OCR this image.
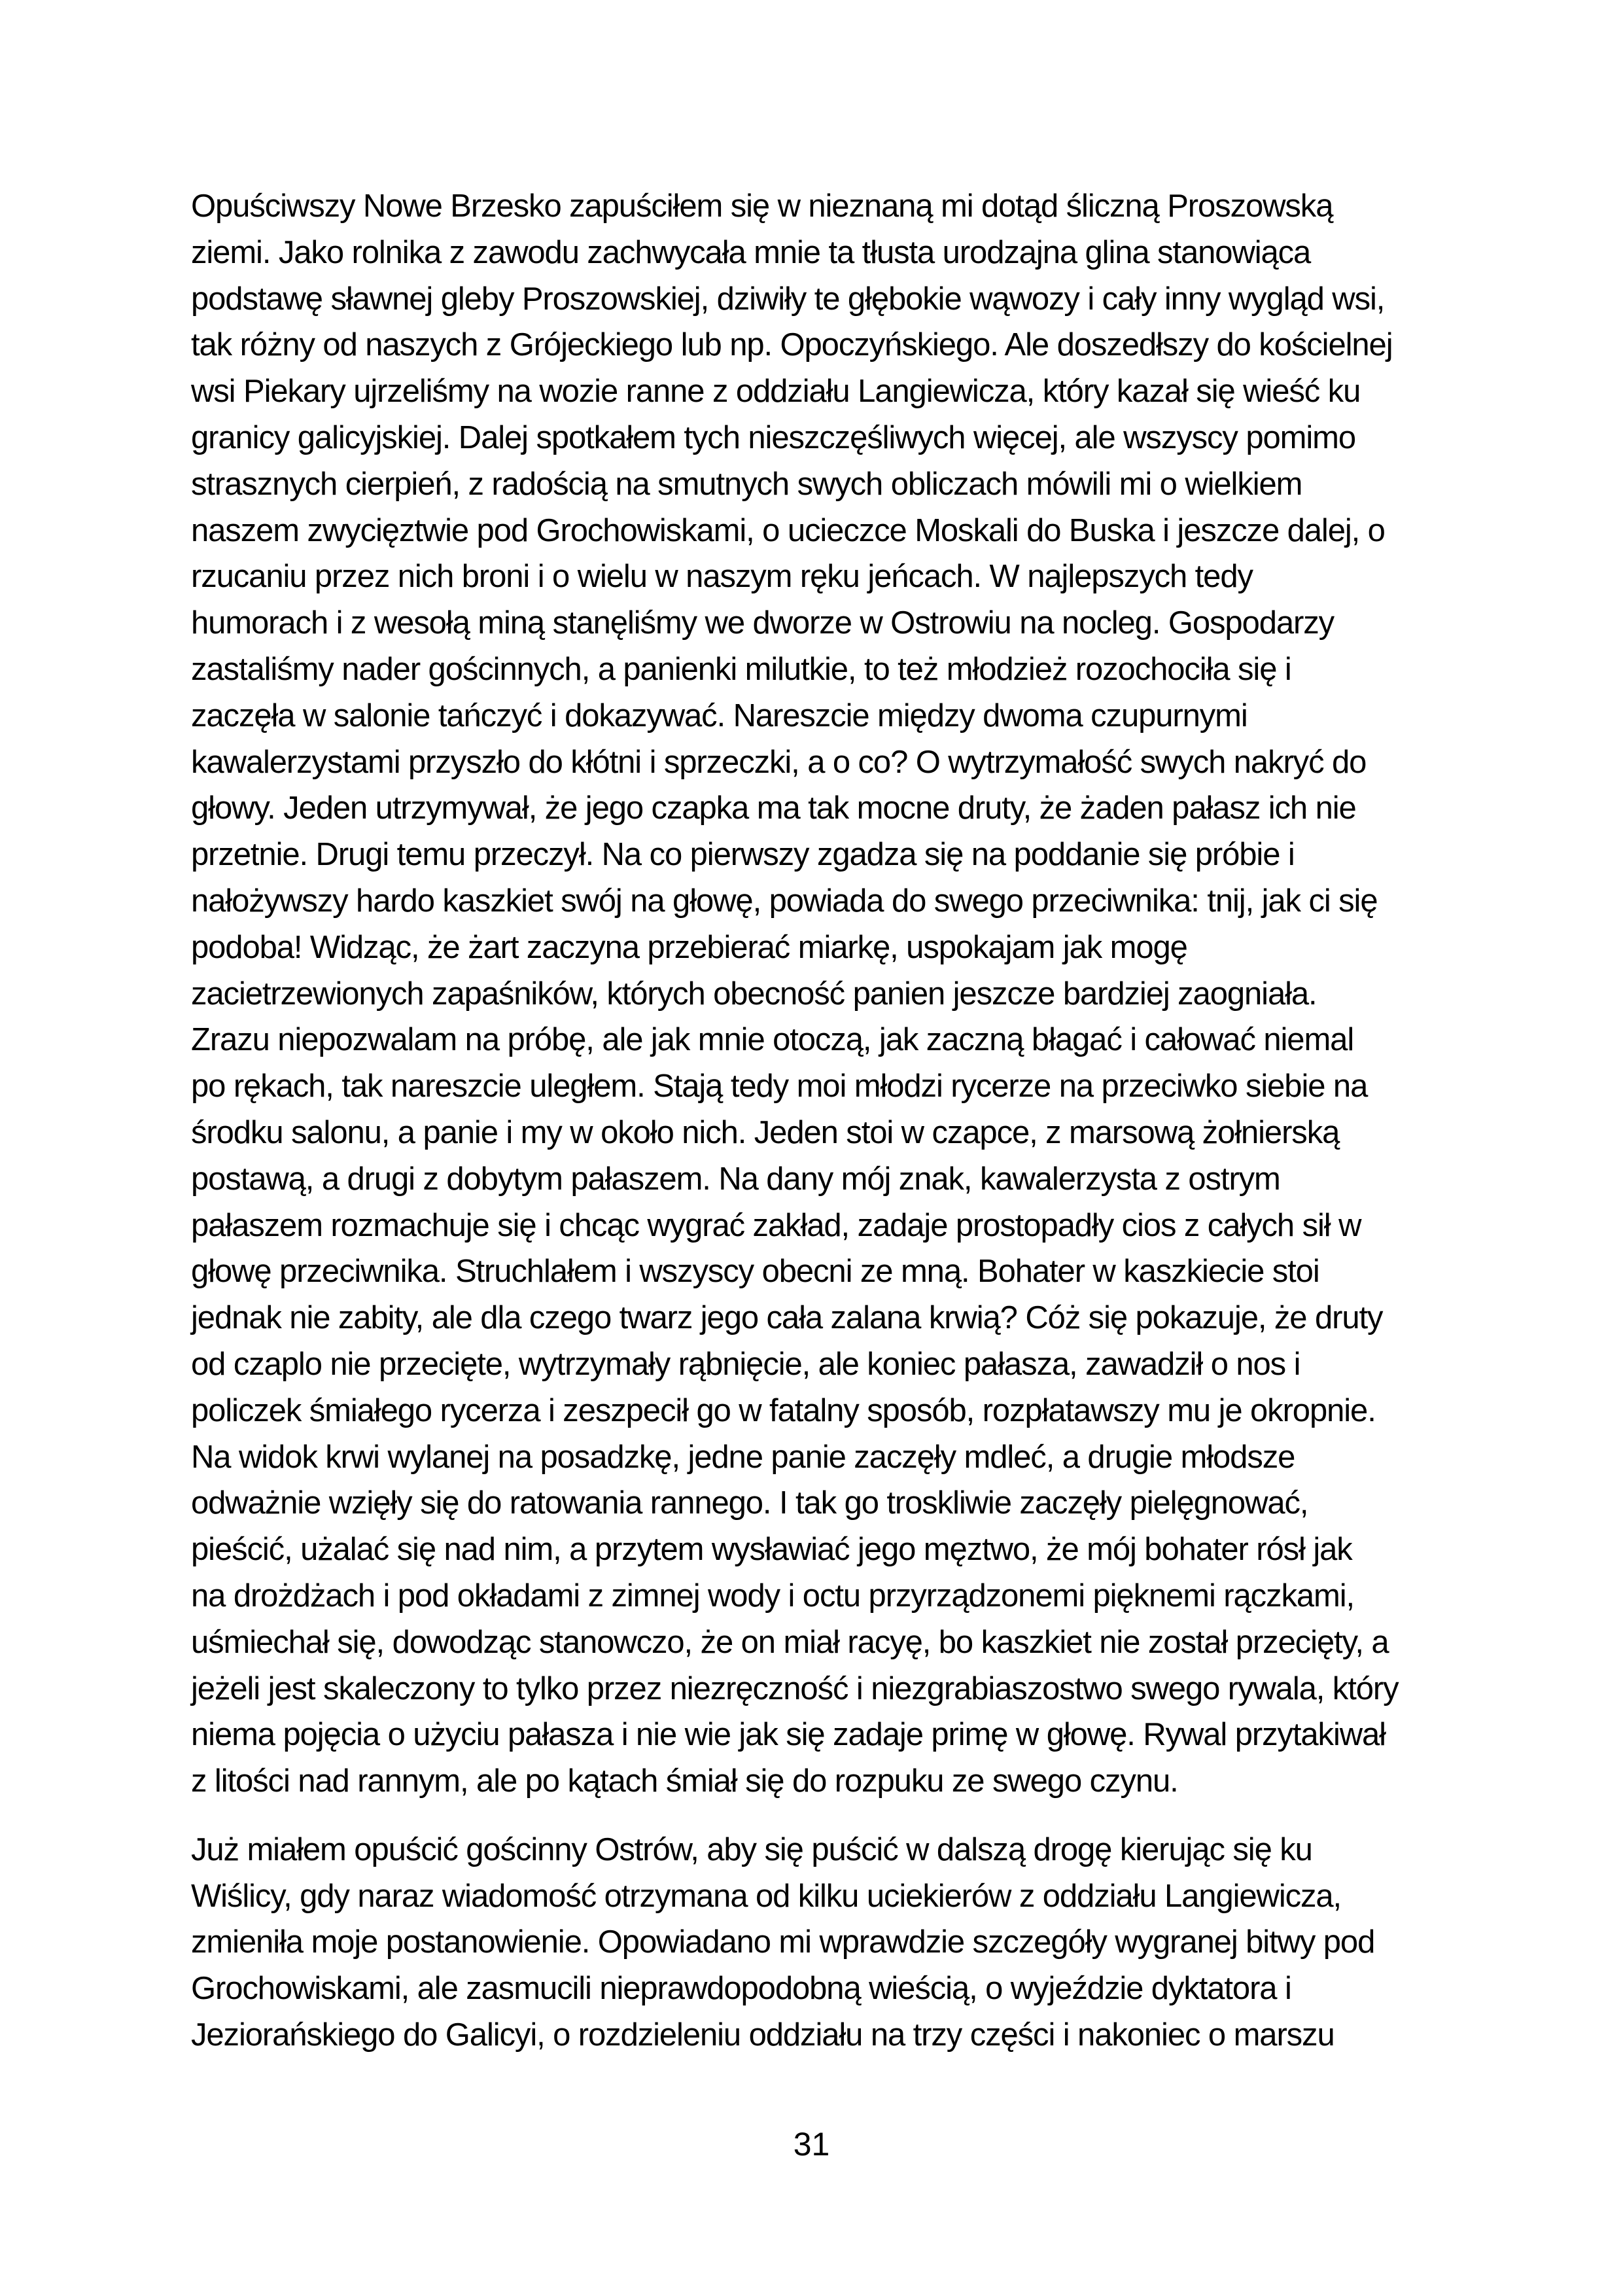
Opuściwszy Nowe Brzesko zapuściłem się w nieznaną mi dotąd śliczną Proszowską
ziemi. Jako rolnika z zawodu zachwycała mnie ta tłusta urodzajna glina stanowiąca
podstawę sławnej gleby Proszowskiej, dziwiły te głębokie wąwozy i cały inny wygląd wsi,
tak różny od naszych z Grójeckiego lub np. Opoczyńskiego. Ale doszedłszy do kościelnej
wsi Piekary ujrzeliśmy na wozie ranne z oddziału Langiewicza, który kazał się wieść ku
granicy galicyjskiej. Dalej spotkałem tych nieszczęśliwych więcej, ale wszyscy pomimo
strasznych cierpień, z radością na smutnych swych obliczach mówili mi o wielkiem
naszem zwycięztwie pod Grochowiskami, o ucieczce Moskali do Buska i jeszcze dalej, o
rzucaniu przez nich broni i o wielu w naszym ręku jeńcach. W najlepszych tedy
humorach i z wesołą miną stanęliśmy we dworze w Ostrowiu na nocleg. Gospodarzy
zastaliśmy nader gościnnych, a panienki milutkie, to też młodzież rozochociła się i
zaczęła w salonie tańczyć i dokazywać. Nareszcie między dwoma czupurnymi
kawalerzystami przyszło do kłótni i sprzeczki, a o co? O wytrzymałość swych nakryć do
głowy. Jeden utrzymywał, że jego czapka ma tak mocne druty, że żaden pałasz ich nie
przetnie. Drugi temu przeczył. Na co pierwszy zgadza się na poddanie się próbie i
nałożywszy hardo kaszkiet swój na głowę, powiada do swego przeciwnika: tnij, jak ci się
podoba! Widząc, że żart zaczyna przebierać miarkę, uspokajam jak mogę
zacietrzewionych zapaśników, których obecność panien jeszcze bardziej zaogniała.
Zrazu niepozwalam na próbę, ale jak mnie otoczą, jak zaczną błagać i całować niemal
po rękach, tak nareszcie uległem. Stają tedy moi młodzi rycerze na przeciwko siebie na
środku salonu, a panie i my w około nich. Jeden stoi w czapce, z marsową żołnierską
postawą, a drugi z dobytym pałaszem. Na dany mój znak, kawalerzysta z ostrym
pałaszem rozmachuje się i chcąc wygrać zakład, zadaje prostopadły cios z całych sił w
głowę przeciwnika. Struchlałem i wszyscy obecni ze mną. Bohater w kaszkiecie stoi
jednak nie zabity, ale dla czego twarz jego cała zalana krwią? Cóż się pokazuje, że druty
od czaplo nie przecięte, wytrzymały rąbnięcie, ale koniec pałasza, zawadził o nos i
policzek śmiałego rycerza i zeszpecił go w fatalny sposób, rozpłatawszy mu je okropnie.
Na widok krwi wylanej na posadzkę, jedne panie zaczęły mdleć, a drugie młodsze
odważnie wzięły się do ratowania rannego. I tak go troskliwie zaczęły pielęgnować,
pieścić, użalać się nad nim, a przytem wysławiać jego męztwo, że mój bohater rósł jak
na drożdżach i pod okładami z zimnej wody i octu przyrządzonemi pięknemi rączkami,
uśmiechał się, dowodząc stanowczo, że on miał racyę, bo kaszkiet nie został przecięty, a
jeżeli jest skaleczony to tylko przez niezręczność i niezgrabiaszostwo swego rywala, który
niema pojęcia o użyciu pałasza i nie wie jak się zadaje primę w głowę. Rywal przytakiwał
z litości nad rannym, ale po kątach śmiał się do rozpuku ze swego czynu.
Już miałem opuścić gościnny Ostrów, aby się puścić w dalszą drogę kierując się ku
Wiślicy, gdy naraz wiadomość otrzymana od kilku uciekierów z oddziału Langiewicza,
zmieniła moje postanowienie. Opowiadano mi wprawdzie szczegóły wygranej bitwy pod
Grochowiskami, ale zasmucili nieprawdopodobną wieścią, o wyjeździe dyktatora i
Jeziorańskiego do Galicyi, o rozdzieleniu oddziału na trzy części i nakoniec o marszu
31
